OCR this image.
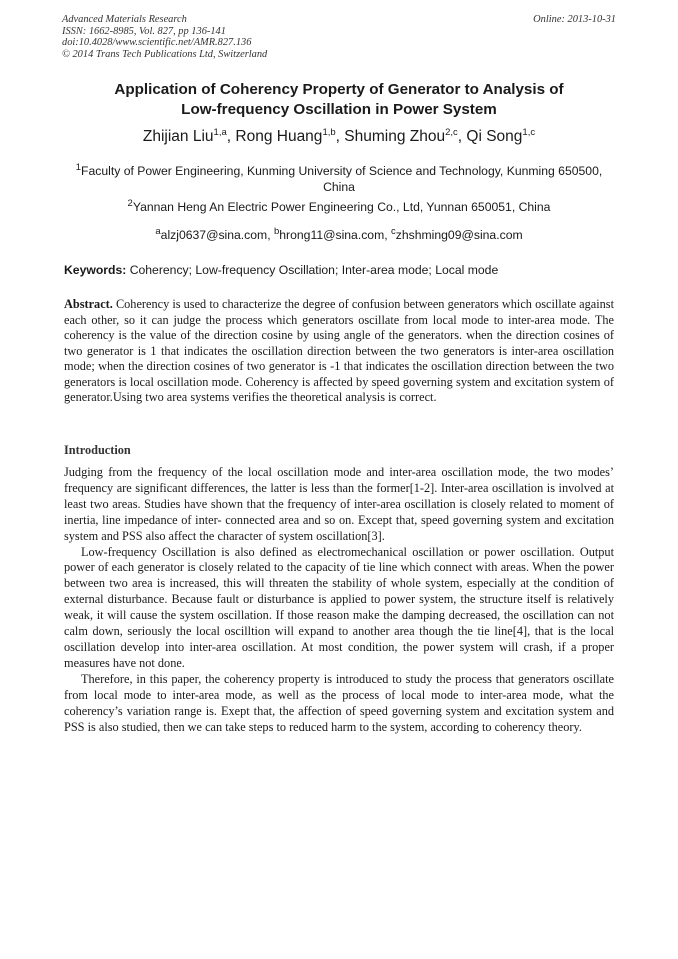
Advanced Materials Research
ISSN: 1662-8985, Vol. 827, pp 136-141
doi:10.4028/www.scientific.net/AMR.827.136
© 2014 Trans Tech Publications Ltd, Switzerland
Online: 2013-10-31
Application of Coherency Property of Generator to Analysis of
Low-frequency Oscillation in Power System
Zhijian Liu$^{1,a}$, Rong Huang$^{1,b}$, Shuming Zhou$^{2,c}$, Qi Song$^{1,c}$
$^1$Faculty of Power Engineering, Kunming University of Science and Technology, Kunming 650500, China
$^2$Yannan Heng An Electric Power Engineering Co., Ltd, Yunnan 650051, China
$^a$alzj0637@sina.com, $^b$hrong11@sina.com, $^c$zhshming09@sina.com
Keywords: Coherency; Low-frequency Oscillation; Inter-area mode; Local mode
Abstract. Coherency is used to characterize the degree of confusion between generators which oscillate against each other, so it can judge the process which generators oscillate from local mode to inter-area mode. The coherency is the value of the direction cosine by using angle of the generators. when the direction cosines of two generator is 1 that indicates the oscillation direction between the two generators is inter-area oscillation mode; when the direction cosines of two generator is -1 that indicates the oscillation direction between the two generators is local oscillation mode. Coherency is affected by speed governing system and excitation system of generator.Using two area systems verifies the theoretical analysis is correct.
Introduction

Judging from the frequency of the local oscillation mode and inter-area oscillation mode, the two modes’ frequency are significant differences, the latter is less than the former[1-2]. Inter-area oscillation is involved at least two areas. Studies have shown that the frequency of inter-area oscillation is closely related to moment of inertia, line impedance of inter- connected area and so on. Except that, speed governing system and excitation system and PSS also affect the character of system oscillation[3].

Low-frequency Oscillation is also defined as electromechanical oscillation or power oscillation. Output power of each generator is closely related to the capacity of tie line which connect with areas. When the power between two area is increased, this will threaten the stability of whole system, especially at the condition of external disturbance. Because fault or disturbance is applied to power system, the structure itself is relatively weak, it will cause the system oscillation. If those reason make the damping decreased, the oscillation can not calm down, seriously the local oscilltion will expand to another area though the tie line[4], that is the local oscillation develop into inter-area oscillation. At most condition, the power system will crash, if a proper measures have not done.

Therefore, in this paper, the coherency property is introduced to study the process that generators oscillate from local mode to inter-area mode, as well as the process of local mode to inter-area mode, what the coherency’s variation range is. Exept that, the affection of speed governing system and excitation system and PSS is also studied, then we can take steps to reduced harm to the system, according to coherency theory.
